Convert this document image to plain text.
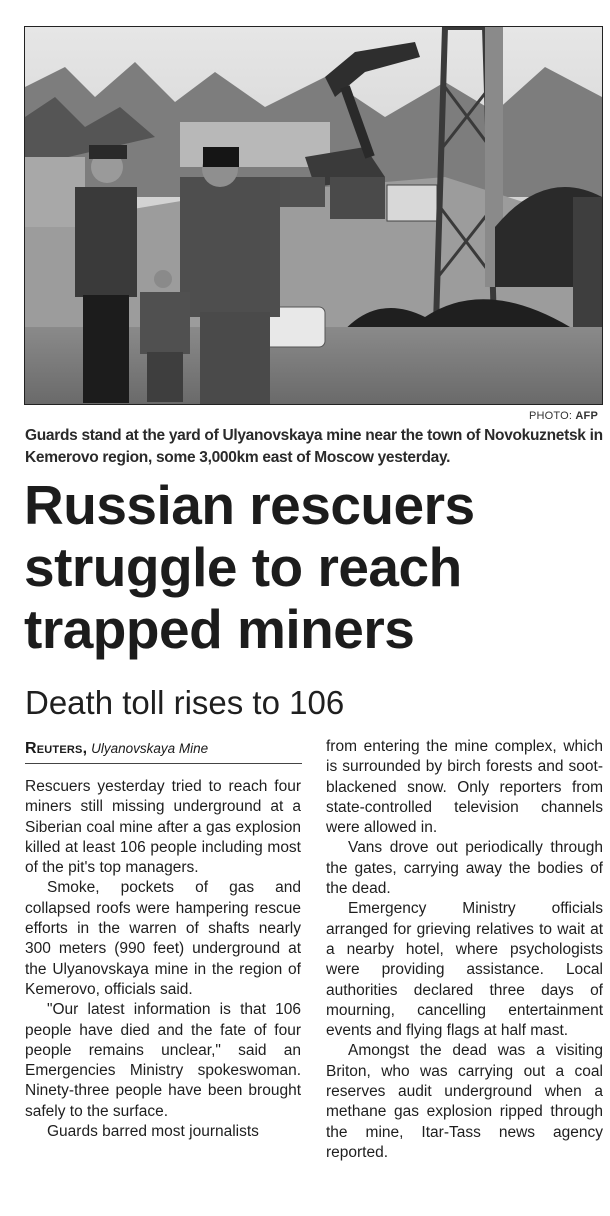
PHOTO: AFP
Guards stand at the yard of Ulyanovskaya mine near the town of Novokuznetsk in Kemerovo region, some 3,000km east of Moscow yesterday.
Russian rescuers struggle to reach trapped miners
Death toll rises to 106
Reuters, Ulyanovskaya Mine

Rescuers yesterday tried to reach four miners still missing underground at a Siberian coal mine after a gas explosion killed at least 106 people including most of the pit's top managers.

Smoke, pockets of gas and collapsed roofs were hampering rescue efforts in the warren of shafts nearly 300 meters (990 feet) underground at the Ulyanovskaya mine in the region of Kemerovo, officials said.

"Our latest information is that 106 people have died and the fate of four people remains unclear," said an Emergencies Ministry spokeswoman. Ninety-three people have been brought safely to the surface.

Guards barred most journalists

from entering the mine complex, which is surrounded by birch forests and soot-blackened snow. Only reporters from state-controlled television channels were allowed in.

Vans drove out periodically through the gates, carrying away the bodies of the dead.

Emergency Ministry officials arranged for grieving relatives to wait at a nearby hotel, where psychologists were providing assistance. Local authorities declared three days of mourning, cancelling entertainment events and flying flags at half mast.

Amongst the dead was a visiting Briton, who was carrying out a coal reserves audit underground when a methane gas explosion ripped through the mine, Itar-Tass news agency reported.
